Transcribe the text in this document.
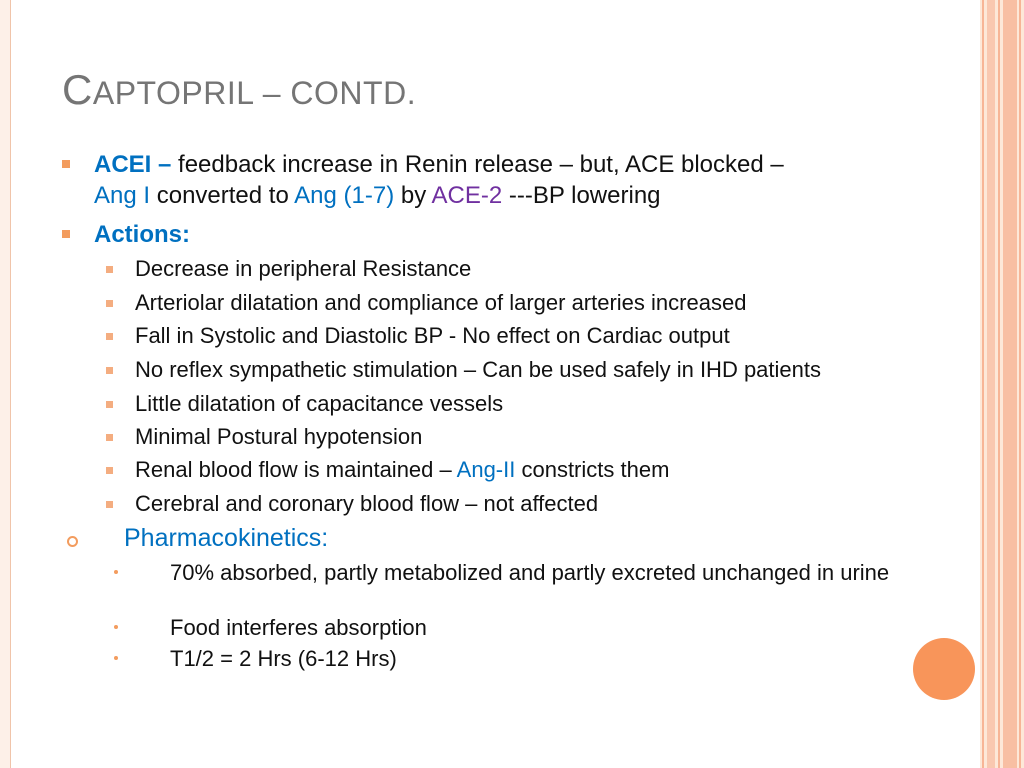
CAPTOPRIL – CONTD.
ACEI – feedback increase in Renin release – but, ACE blocked –
Ang I converted to Ang (1-7) by ACE-2 ---BP lowering
Actions:
Decrease in peripheral Resistance
Arteriolar dilatation and compliance of larger arteries increased
Fall in Systolic and Diastolic BP - No effect on Cardiac output
No reflex sympathetic stimulation – Can be used safely in IHD patients
Little dilatation of capacitance vessels
Minimal Postural hypotension
Renal blood flow is maintained – Ang-II constricts them
Cerebral and coronary blood flow – not affected
Pharmacokinetics:
70% absorbed, partly metabolized and partly excreted unchanged in urine
Food interferes absorption
T1/2 = 2 Hrs (6-12 Hrs)
